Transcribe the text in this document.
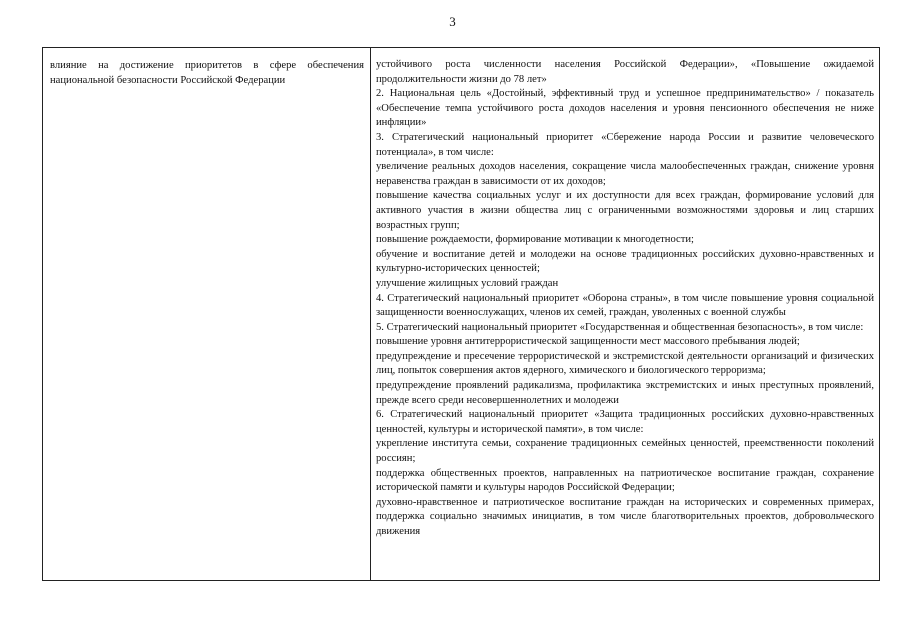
3
влияние на достижение приоритетов в сфере обеспечения национальной безопасности Российской Федерации

устойчивого роста численности населения Российской Федерации», «Повышение ожидаемой продолжительности жизни до 78 лет»

2. Национальная цель «Достойный, эффективный труд и успешное предпринимательство» / показатель «Обеспечение темпа устойчивого роста доходов населения и уровня пенсионного обеспечения не ниже инфляции»

3. Стратегический национальный приоритет «Сбережение народа России и развитие человеческого потенциала», в том числе:

увеличение реальных доходов населения, сокращение числа малообеспеченных граждан, снижение уровня неравенства граждан в зависимости от их доходов;

повышение качества социальных услуг и их доступности для всех граждан, формирование условий для активного участия в жизни общества лиц с ограниченными возможностями здоровья и лиц старших возрастных групп;

повышение рождаемости, формирование мотивации к многодетности;

обучение и воспитание детей и молодежи на основе традиционных российских духовно-нравственных и культурно-исторических ценностей;

улучшение жилищных условий граждан

4. Стратегический национальный приоритет «Оборона страны», в том числе повышение уровня социальной защищенности военнослужащих, членов их семей, граждан, уволенных с военной службы

5. Стратегический национальный приоритет «Государственная и общественная безопасность», в том числе:

повышение уровня антитеррористической защищенности мест массового пребывания людей;

предупреждение и пресечение террористической и экстремистской деятельности организаций и физических лиц, попыток совершения актов ядерного, химического и биологического терроризма;

предупреждение проявлений радикализма, профилактика экстремистских и иных преступных проявлений, прежде всего среди несовершеннолетних и молодежи

6. Стратегический национальный приоритет «Защита традиционных российских духовно-нравственных ценностей, культуры и исторической памяти», в том числе:

укрепление института семьи, сохранение традиционных семейных ценностей, преемственности поколений россиян;

поддержка общественных проектов, направленных на патриотическое воспитание граждан, сохранение исторической памяти и культуры народов Российской Федерации;

духовно-нравственное и патриотическое воспитание граждан на исторических и современных примерах, поддержка социально значимых инициатив, в том числе благотворительных проектов, добровольческого движения
